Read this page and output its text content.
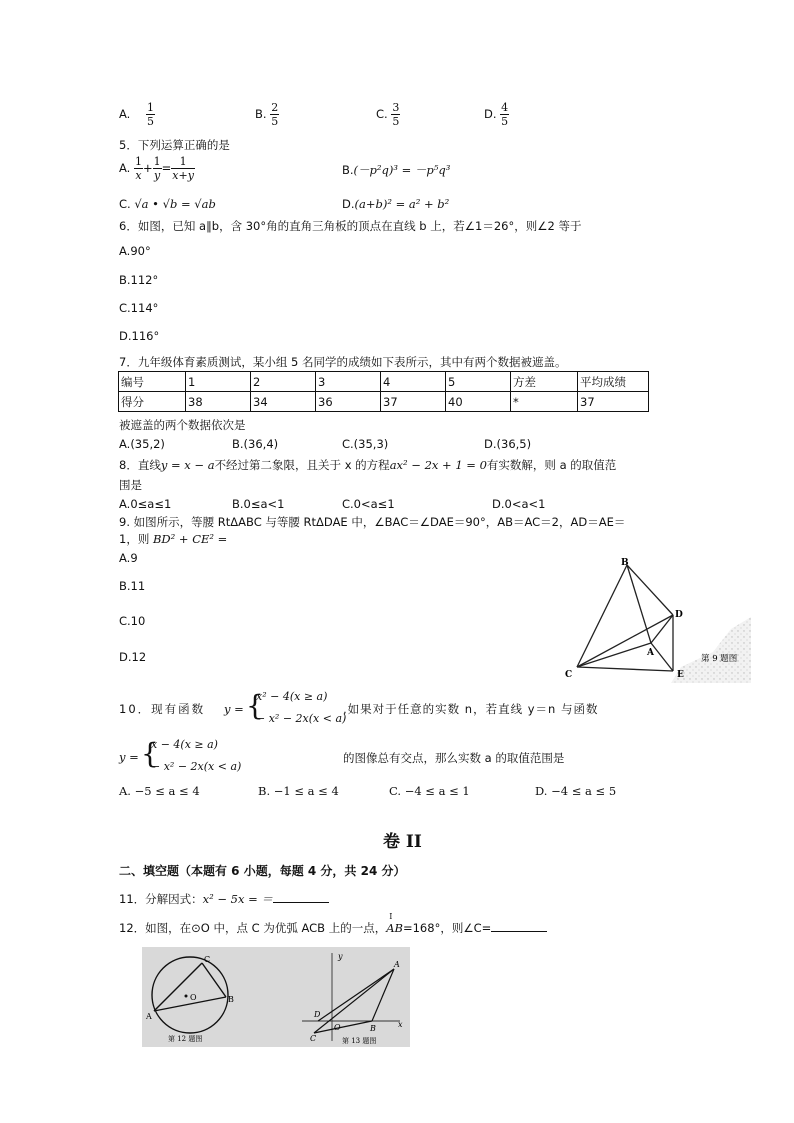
A. $\frac{1}{5}$	B. $\frac{2}{5}$	C. $\frac{3}{5}$	D. $\frac{4}{5}$
5．下列运算正确的是
A. $\frac{1}{x} + \frac{1}{y} = \frac{1}{x+y}$	B.(－p²q)³ = －p⁵q³
C. √a • √b = √ab	D.(a+b)² = a² + b²
6．如图，已知 a∥b，含 30°角的直角三角板的顶点在直线 b 上，若∠1＝26°，则∠2 等于
A.90°
B.112°
C.114°
D.116°
7．九年级体育素质测试，某小组 5 名同学的成绩如下表所示，其中有两个数据被遮盖。
编号	1	2	3	4	5	方差	平均成绩
得分	38	34	36	37	40	*	37
被遮盖的两个数据依次是
A.(35,2)	B.(36,4)	C.(35,3)	D.(36,5)
8．直线y = x − a不经过第二象限，且关于 x 的方程ax² − 2x + 1 = 0有实数解，则 a 的取值范
围是
A.0≤a≤1	B.0≤a<1	C.0<a≤1	D.0<a<1
9. 如图所示，等腰 RtΔABC 与等腰 RtΔDAE 中，∠BAC＝∠DAE＝90°，AB＝AC＝2，AD＝AE＝
1，则 BD² + CE² =
A.9
B.11
C.10
D.12
B
D
A
C	E
第 9 题图
10．现有函数 y = {
x² − 4(x ≥ a)
− x² − 2x(x < a)
,如果对于任意的实数 n，若直线 y＝n 与函数
y = {
x − 4(x ≥ a)
− x² − 2x(x < a)
的图像总有交点，那么实数 a 的取值范围是
A. −5 ≤ a ≤ 4	B. −1 ≤ a ≤ 4	C. −4 ≤ a ≤ 1	D. −4 ≤ a ≤ 5
卷 II
二、填空题（本题有 6 小题，每题 4 分，共 24 分）
11．分解因式：x² − 5x = ＝
12．如图，在⊙O 中，点 C 为优弧 ACB 上的一点，
I
AB=168°，则∠C=
C
O	B
A
第 12 题图
y
A
D
O	B	x
C	第 13 题图
